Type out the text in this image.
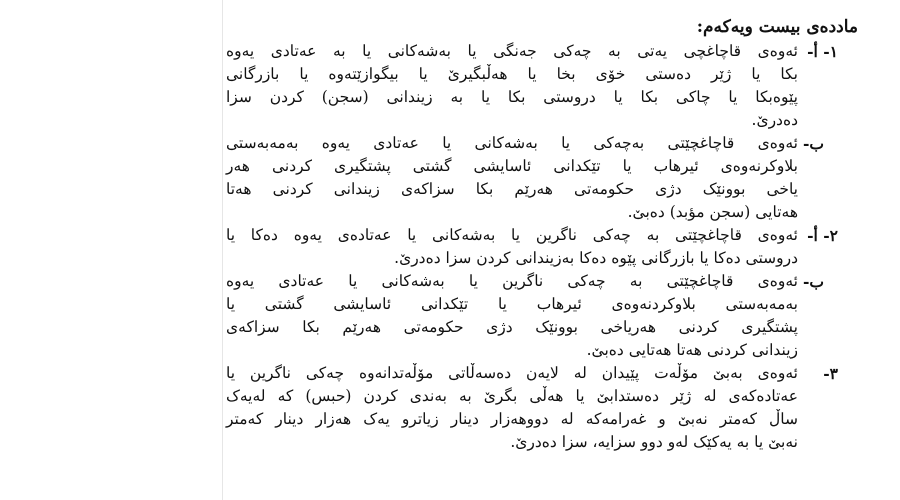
ماددەی بیست ویەکەم:
١- أ-
ئەوەی قاچاغچی یەتی بە چەکی جەنگی یا بەشەکانی یا بە عەتادی یەوە
بکا یا ژێر دەستی خۆی بخا یا هەڵبگیرێ یا بیگوازێتەوە یا بازرگانی
پێوەبکا یا چاکی بکا یا دروستی بکا یا بە زیندانی (سجن) کردن سزا
دەدرێ.
ب-
ئەوەی قاچاغچێتی بەچەکی یا بەشەکانی یا عەتادی یەوە بەمەبەستی
بلاوکرنەوەی ئیرهاب یا تێکدانی ئاسایشی گشتی پشتگیری کردنی هەر
یاخی بوونێک دژی حکومەتی هەرێم بکا سزاکەی زیندانی کردنی هەتا
هەتایی (سجن مؤبد) دەبێ.
٢- أ-
ئەوەی قاچاغچێتی بە چەکی ناگرین یا بەشەکانی یا عەتادەی یەوە دەکا یا
دروستی دەکا یا بازرگانی پێوە دەکا بەزیندانی کردن سزا دەدرێ.
ب-
ئەوەی قاچاغچێتی بە چەکی ناگرین یا بەشەکانی یا عەتادی یەوە
بەمەبەستی بلاوکردنەوەی ئیرهاب یا تێکدانی ئاسایشی گشتی یا
پشتگیری کردنی هەریاخی بوونێک دژی حکومەتی هەرێم بکا سزاکەی
زیندانی کردنی هەتا هەتایی دەبێ.
٣-
ئەوەی بەبێ مۆڵەت پێیدان لە لایەن دەسەڵاتی مۆڵەتدانەوە چەکی ناگرین یا
عەتادەکەی لە ژێر دەستدابێ یا هەڵی بگرێ بە بەندی کردن (حبس) کە لەیەک
ساڵ کەمتر نەبێ و غەرامەکە لە دووهەزار دینار زیاترو یەک هەزار دینار کەمتر
نەبێ یا بە یەکێک لەو دوو سزایە، سزا دەدرێ.
